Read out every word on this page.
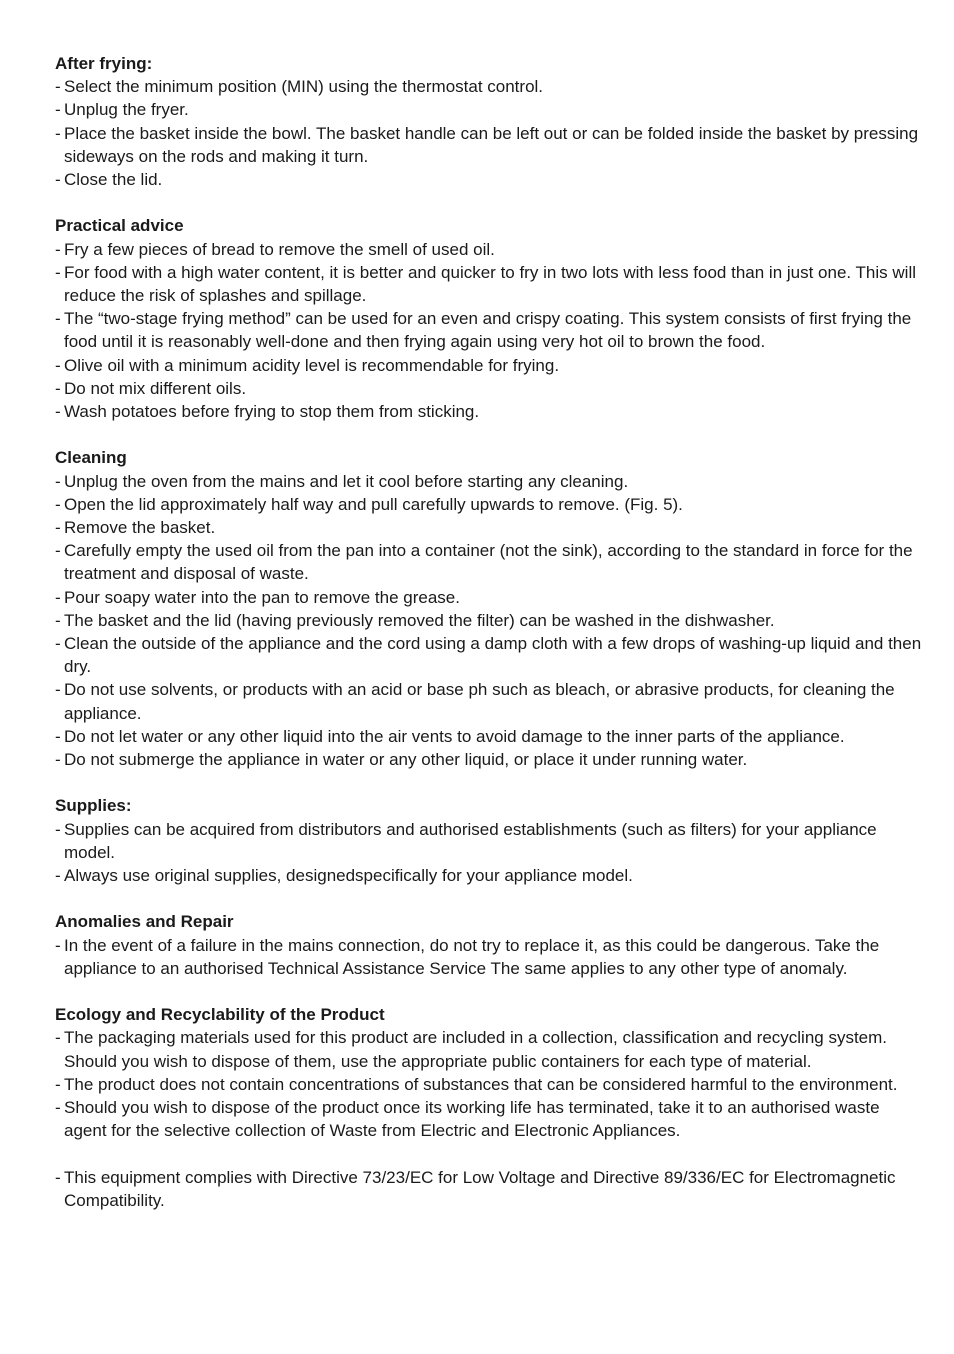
After frying:

- Select the minimum position (MIN) using the thermostat control.
- Unplug the fryer.
- Place the basket inside the bowl. The basket handle can be left out or can be folded inside the basket by pressing sideways on the rods and making it turn.
- Close the lid.

Practical advice

- Fry a few pieces of bread to remove the smell of used oil.
- For food with a high water content, it is better and quicker to fry in two lots with less food than in just one. This will reduce the risk of splashes and spillage.
- The “two-stage frying method” can be used for an even and crispy coating. This system consists of first frying the food until it is reasonably well-done and then frying again using very hot oil to brown the food.
- Olive oil with a minimum acidity level is recommendable for frying.
- Do not mix different oils.
- Wash potatoes before frying to stop them from sticking.

Cleaning

- Unplug the oven from the mains and let it cool before starting any cleaning.
- Open the lid approximately half way and pull carefully upwards to remove. (Fig. 5).
- Remove the basket.
- Carefully empty the used oil from the pan into a container (not the sink), according to the standard in force for the treatment and disposal of waste.
- Pour soapy water into the pan to remove the grease.
- The basket and the lid (having previously removed the filter) can be washed in the dishwasher.
- Clean the outside of the appliance and the cord using a damp cloth with a few drops of washing-up liquid and then dry.
- Do not use solvents, or products with an acid or base ph such as bleach, or abrasive products, for cleaning the appliance.
- Do not let water or any other liquid into the air vents to avoid damage to the inner parts of the appliance.
- Do not submerge the appliance in water or any other liquid, or place it under running water.

Supplies:

- Supplies can be acquired from distributors and authorised establishments (such as filters) for your appliance model.
- Always use original supplies, designedspecifically for your appliance model.

Anomalies and Repair

- In the event of a failure in the mains connection, do not try to replace it, as this could be dangerous. Take the appliance to an authorised Technical Assistance Service The same applies to any other type of anomaly.

Ecology and Recyclability of the Product

- The packaging materials used for this product are included in a collection, classification and recycling system. Should you wish to dispose of them, use the appropriate public containers for each type of material.
- The product does not contain concentrations of substances that can be considered harmful to the environment.
- Should you wish to dispose of the product once its working life has terminated, take it to an authorised waste agent for the selective collection of Waste from Electric and Electronic Appliances.
- This equipment complies with Directive 73/23/EC for Low Voltage and Directive 89/336/EC for Electromagnetic Compatibility.
